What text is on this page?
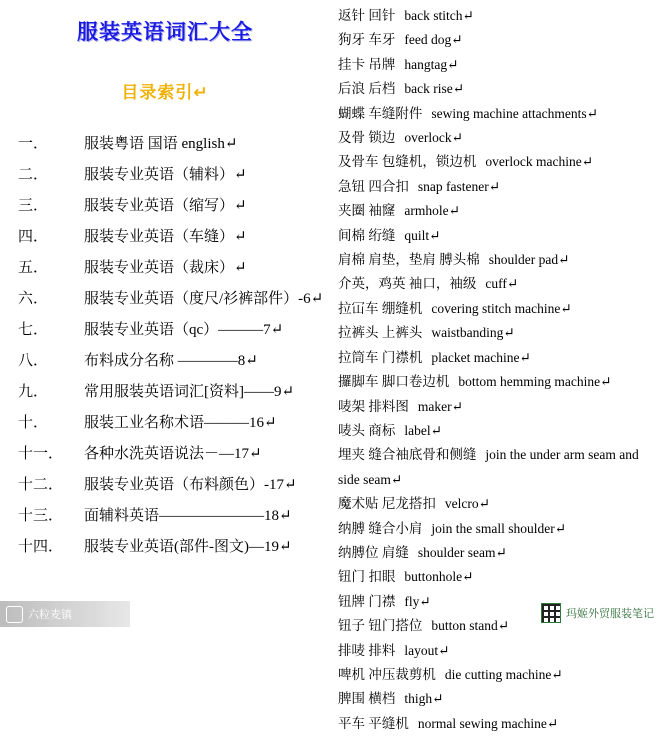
服装英语词汇大全
目录索引↵
一．	服装粤语 国语 english↵
二．	服装专业英语（辅料）↵
三．	服装专业英语（缩写）↵
四．	服装专业英语（车缝）↵
五．	服装专业英语（裁床）↵
六．	服装专业英语（度尺/衫裤部件）-6↵
七．	服装专业英语（qc）———7↵
八．	布料成分名称 ————8↵
九．	常用服装英语词汇[资料]——9↵
十．	服装工业名称术语———16↵
十一．	各种水洗英语说法－—17↵
十二．	服装专业英语（布料颜色）-17↵
十三．	面辅料英语———————18↵
十四．	服装专业英语(部件-图文)—19↵
六粒麦镇
返针 回针 back stitch↵
狗牙 车牙 feed dog↵
挂卡 吊牌 hangtag↵
后浪 后档 back rise↵
蝴蝶 车缝附件 sewing machine attachments↵
及骨 锁边 overlock↵
及骨车 包缝机，锁边机 overlock machine↵
急钮 四合扣 snap fastener↵
夹圈 袖窿 armhole↵
间棉 绗缝 quilt↵
肩棉 肩垫，垫肩 膊头棉 shoulder pad↵
介英，鸡英 袖口，袖级 cuff↵
拉冚车 绷缝机 covering stitch machine↵
拉裤头 上裤头 waistbanding↵
拉筒车 门襟机 placket machine↵
攞脚车 脚口卷边机 bottom hemming machine↵
唛架 排料图 maker↵
唛头 商标 label↵
埋夹 缝合袖底骨和侧缝 join the under arm seam and side seam↵
魔术贴 尼龙搭扣 velcro↵
纳膊 缝合小肩 join the small shoulder↵
纳膊位 肩缝 shoulder seam↵
钮门 扣眼 buttonhole↵
钮牌 门襟 fly↵
钮子 钮门搭位 button stand↵
排唛 排料 layout↵
啤机 冲压裁剪机 die cutting machine↵
脾围 横档 thigh↵
平车 平缝机 normal sewing machine↵
玛姬外贸服装笔记
